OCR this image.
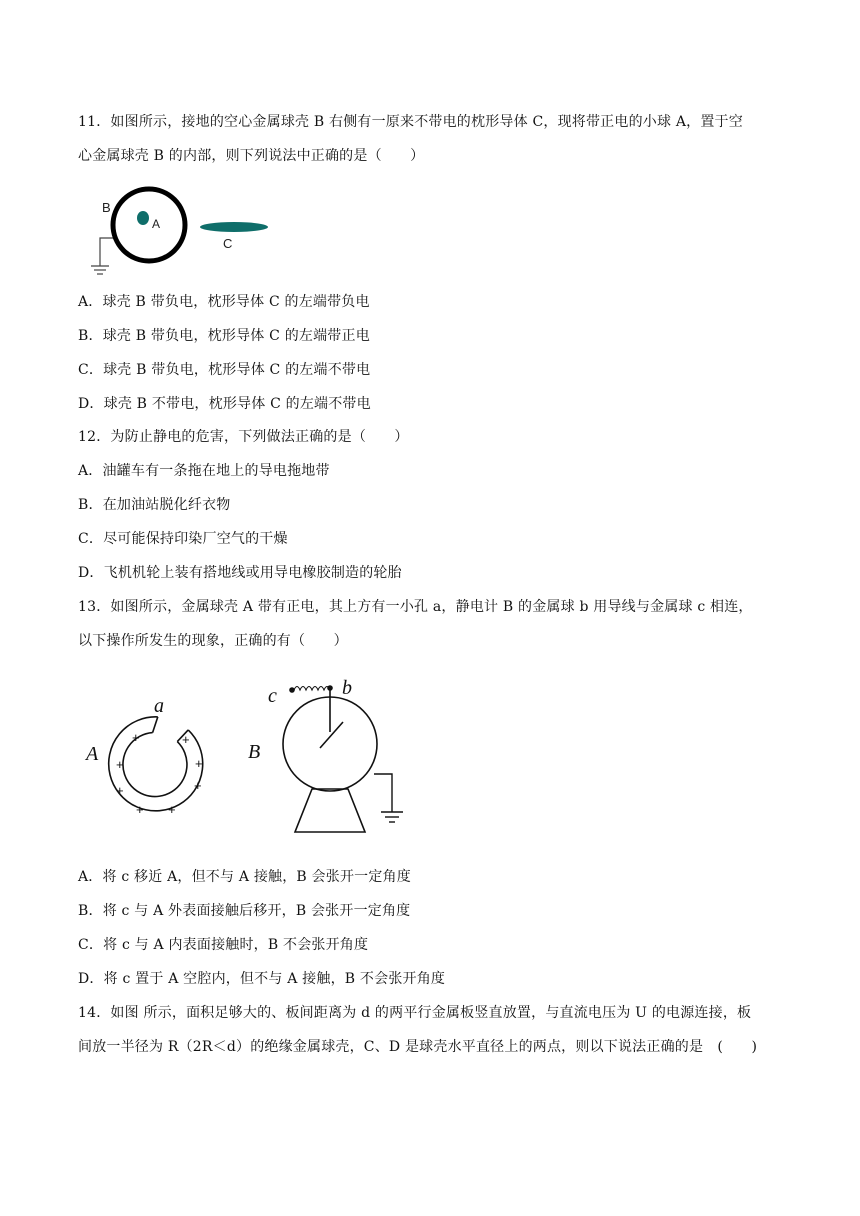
11．如图所示，接地的空心金属球壳 B 右侧有一原来不带电的枕形导体 C，现将带正电的小球 A，置于空
心金属球壳 B 的内部，则下列说法中正确的是（　　）
B
A
C
A．球壳 B 带负电，枕形导体 C 的左端带负电
B．球壳 B 带负电，枕形导体 C 的左端带正电
C．球壳 B 带负电，枕形导体 C 的左端不带电
D．球壳 B 不带电，枕形导体 C 的左端不带电
12．为防止静电的危害，下列做法正确的是（　　）
A．油罐车有一条拖在地上的导电拖地带
B．在加油站脱化纤衣物
C．尽可能保持印染厂空气的干燥
D．飞机机轮上装有搭地线或用导电橡胶制造的轮胎
13．如图所示，金属球壳 A 带有正电，其上方有一小孔 a，静电计 B 的金属球 b 用导线与金属球 c 相连，
以下操作所发生的现象，正确的有（　　）
+
+
+
+ +
+
+
+
a
A	B
c	b
A．将 c 移近 A，但不与 A 接触，B 会张开一定角度
B．将 c 与 A 外表面接触后移开，B 会张开一定角度
C．将 c 与 A 内表面接触时，B 不会张开角度
D．将 c 置于 A 空腔内，但不与 A 接触，B 不会张开角度
14．如图 所示，面积足够大的、板间距离为 d 的两平行金属板竖直放置，与直流电压为 U 的电源连接，板
间放一半径为 R（2R＜d）的绝缘金属球壳，C、D 是球壳水平直径上的两点，则以下说法正确的是　(　　)
